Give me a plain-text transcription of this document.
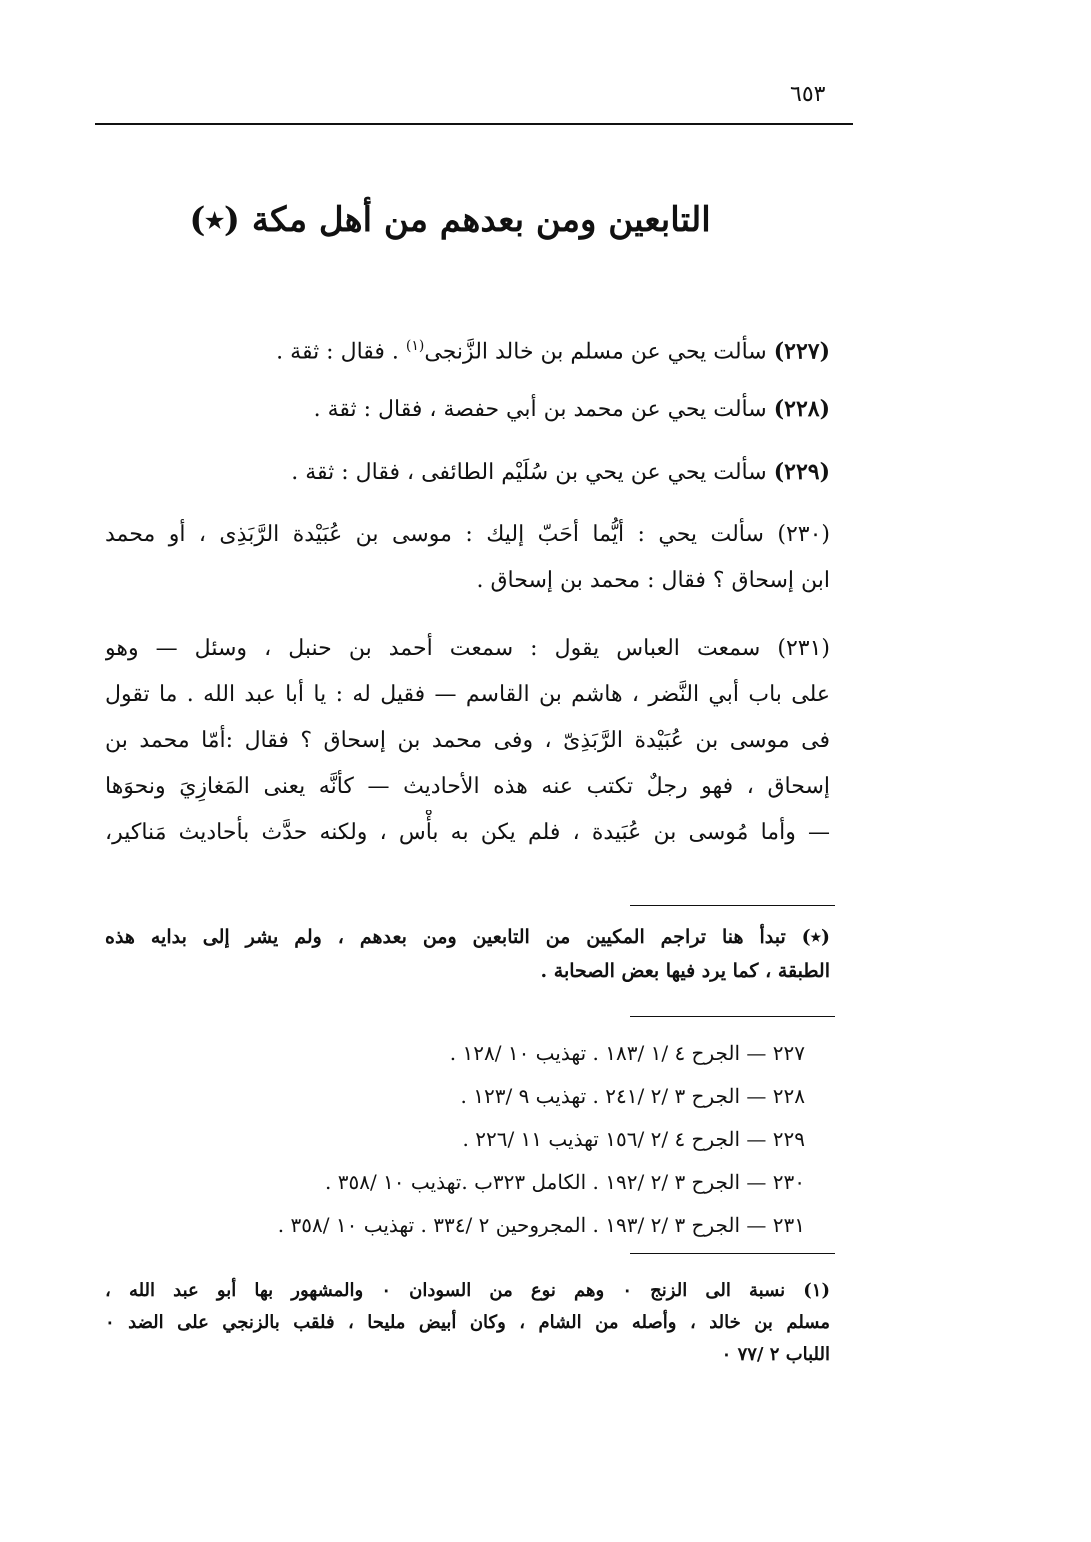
٦٥٣
التابعين ومن بعدهم من أهل مكة (٭)
(٢٢٧) سألت يحي عن مسلم بن خالد الزَّنجى$^{(١)}$ . فقال : ثقة .
(٢٢٨) سألت يحي عن محمد بن أبي حفصة ، فقال : ثقة .
(٢٢٩) سألت يحي عن يحي بن سُلَيْم الطائفى ، فقال : ثقة .
(٢٣٠) سألت يحي : أيُّما أحَبّ إليك : موسى بن عُبَيْدة الرَّبَذِى ، أو محمد
ابن إسحاق ؟ فقال : محمد بن إسحاق .
(٢٣١) سمعت العباس يقول : سمعت أحمد بن حنبل ، وسئل — وهو
على باب أبي النَّضر ، هاشم بن القاسم — فقيل له : يا أبا عبد الله . ما تقول
فى موسى بن عُبَيْدة الرَّبَذِىّ ، وفى محمد بن إسحاق ؟ فقال :أمّا محمد بن
إسحاق ، فهو رجلٌ تكتب عنه هذه الأحاديث — كأنَّه يعنى المَغازِيَ ونحوَها
— وأما مُوسى بن عُبَيدة ، فلم يكن به بأْس ، ولكنه حدَّث بأحاديث مَناكير،
(٭) تبدأ هنا تراجم المكيين من التابعين ومن بعدهم ، ولم يشر إلى بدايه هذه
الطبقة ، كما يرد فيها بعض الصحابة .
٢٢٧ — الجرح ٤ /١ /١٨٣ . تهذيب ١٠ /١٢٨ .
٢٢٨ — الجرح ٣ /٢ /٢٤١ . تهذيب ٩ /١٢٣ .
٢٢٩ — الجرح ٤ /٢ /١٥٦ تهذيب ١١ /٢٢٦ .
٢٣٠ — الجرح ٣ /٢ /١٩٢ . الكامل ٣٢٣ب .تهذيب ١٠ /٣٥٨ .
٢٣١ — الجرح ٣ /٢ /١٩٣ . المجروحين ٢ /٣٣٤ . تهذيب ١٠ /٣٥٨ .
(١) نسبة الى الزنج ٠ وهم نوع من السودان ٠ والمشهور بها أبو عبد الله ،
مسلم بن خالد ، وأصله من الشام ، وكان أبيض مليحا ، فلقب بالزنجي على الضد ٠
اللباب ٢ /٧٧ ٠
